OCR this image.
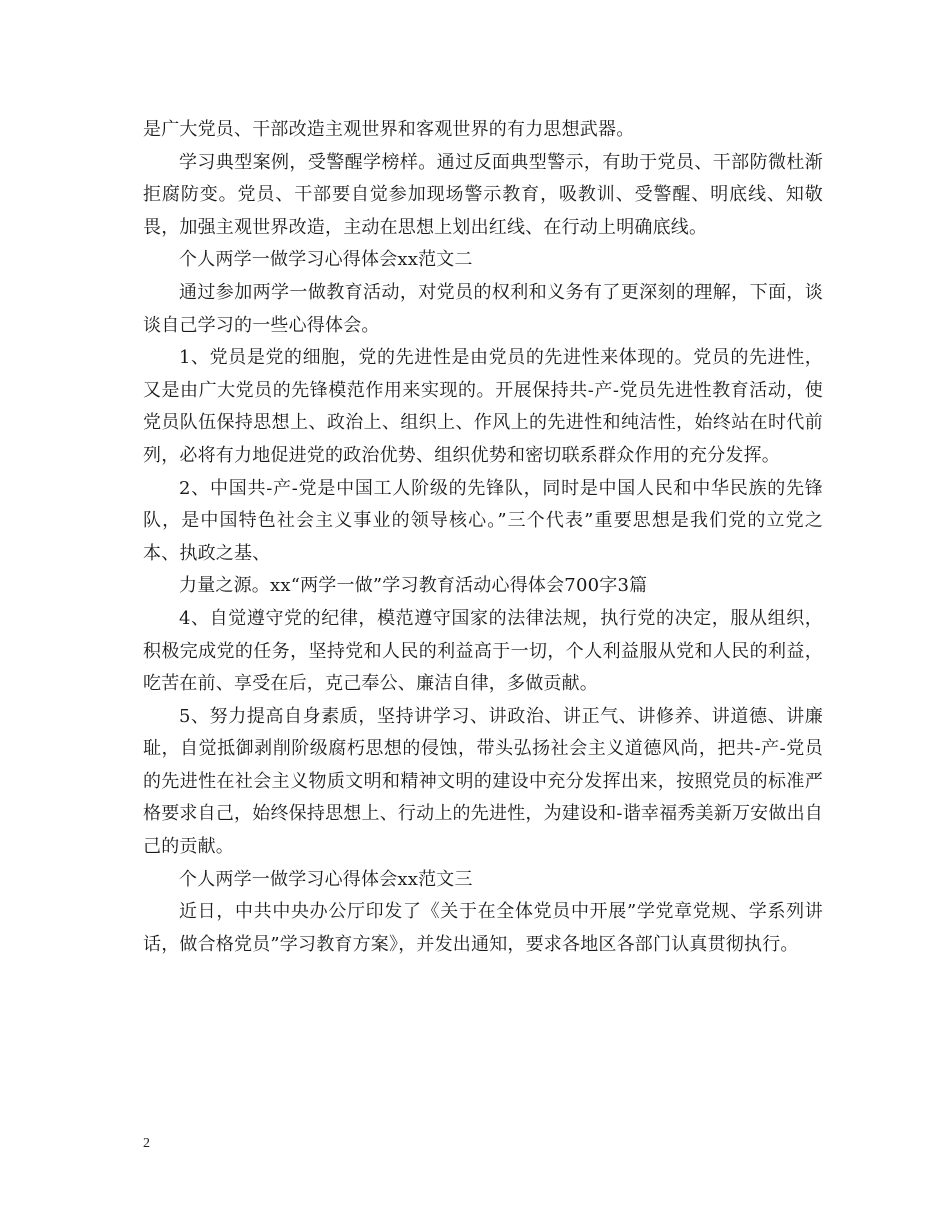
是广大党员、干部改造主观世界和客观世界的有力思想武器。

学习典型案例，受警醒学榜样。通过反面典型警示，有助于党员、干部防微杜渐拒腐防变。党员、干部要自觉参加现场警示教育，吸教训、受警醒、明底线、知敬畏，加强主观世界改造，主动在思想上划出红线、在行动上明确底线。

个人两学一做学习心得体会xx范文二

通过参加两学一做教育活动，对党员的权利和义务有了更深刻的理解，下面，谈谈自己学习的一些心得体会。

1、党员是党的细胞，党的先进性是由党员的先进性来体现的。党员的先进性，又是由广大党员的先锋模范作用来实现的。开展保持共-产-党员先进性教育活动，使党员队伍保持思想上、政治上、组织上、作风上的先进性和纯洁性，始终站在时代前列，必将有力地促进党的政治优势、组织优势和密切联系群众作用的充分发挥。

2、中国共-产-党是中国工人阶级的先锋队，同时是中国人民和中华民族的先锋队，是中国特色社会主义事业的领导核心。”三个代表”重要思想是我们党的立党之本、执政之基、

力量之源。xx“两学一做”学习教育活动心得体会700字3篇

4、自觉遵守党的纪律，模范遵守国家的法律法规，执行党的决定，服从组织，积极完成党的任务，坚持党和人民的利益高于一切，个人利益服从党和人民的利益，吃苦在前、享受在后，克己奉公、廉洁自律，多做贡献。

5、努力提高自身素质，坚持讲学习、讲政治、讲正气、讲修养、讲道德、讲廉耻，自觉抵御剥削阶级腐朽思想的侵蚀，带头弘扬社会主义道德风尚，把共-产-党员的先进性在社会主义物质文明和精神文明的建设中充分发挥出来，按照党员的标准严格要求自己，始终保持思想上、行动上的先进性，为建设和-谐幸福秀美新万安做出自己的贡献。

个人两学一做学习心得体会xx范文三

近日，中共中央办公厅印发了《关于在全体党员中开展”学党章党规、学系列讲话，做合格党员”学习教育方案》，并发出通知，要求各地区各部门认真贯彻执行。

2
